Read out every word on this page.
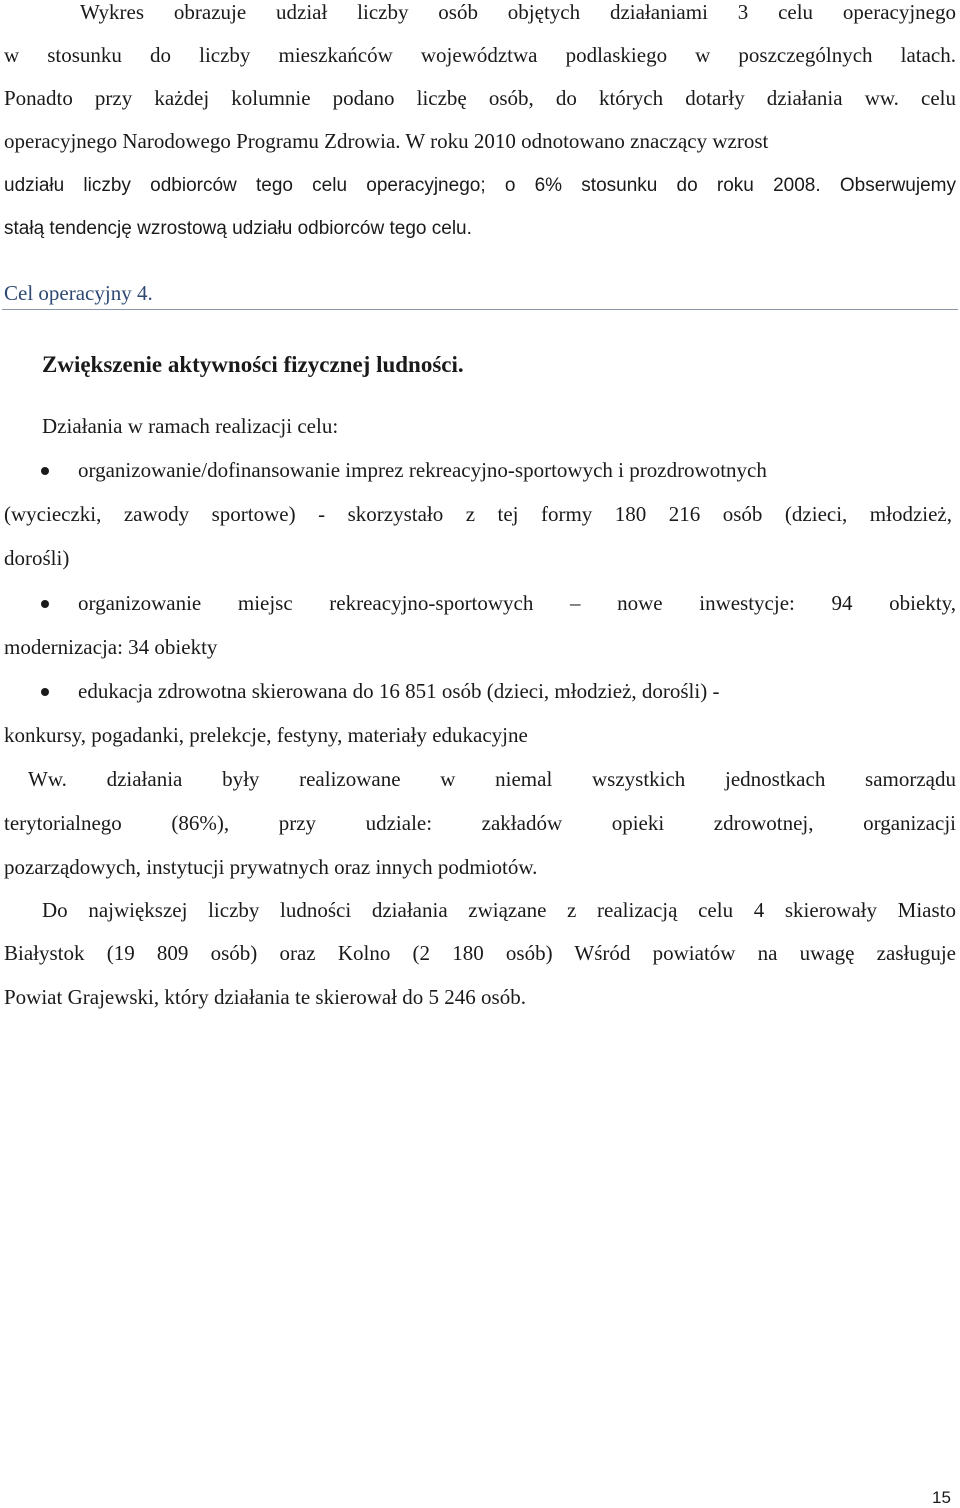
Wykres obrazuje udział liczby osób objętych działaniami 3 celu operacyjnego
w stosunku do liczby mieszkańców województwa podlaskiego w poszczególnych latach.
Ponadto przy każdej kolumnie podano liczbę osób, do których dotarły działania ww. celu
operacyjnego Narodowego Programu Zdrowia. W roku 2010 odnotowano znaczący wzrost
udziału liczby odbiorców tego celu operacyjnego; o 6% stosunku do roku 2008. Obserwujemy
stałą tendencję wzrostową udziału odbiorców tego celu.
Cel operacyjny 4.
Zwiększenie aktywności fizycznej ludności.
Działania w ramach realizacji celu:
organizowanie/dofinansowanie imprez rekreacyjno-sportowych i prozdrowotnych
(wycieczki, zawody sportowe) - skorzystało z tej formy 180 216 osób (dzieci, młodzież,
dorośli)
organizowanie miejsc rekreacyjno-sportowych – nowe inwestycje: 94 obiekty,
modernizacja: 34 obiekty
edukacja zdrowotna skierowana do 16 851 osób (dzieci, młodzież, dorośli) -
konkursy, pogadanki, prelekcje, festyny, materiały edukacyjne
Ww. działania były realizowane w niemal wszystkich jednostkach samorządu
terytorialnego (86%), przy udziale: zakładów opieki zdrowotnej, organizacji
pozarządowych, instytucji prywatnych oraz innych podmiotów.
Do największej liczby ludności działania związane z realizacją celu 4 skierowały Miasto
Białystok (19 809 osób) oraz Kolno (2 180 osób) Wśród powiatów na uwagę zasługuje
Powiat Grajewski, który działania te skierował do 5 246 osób.
15
